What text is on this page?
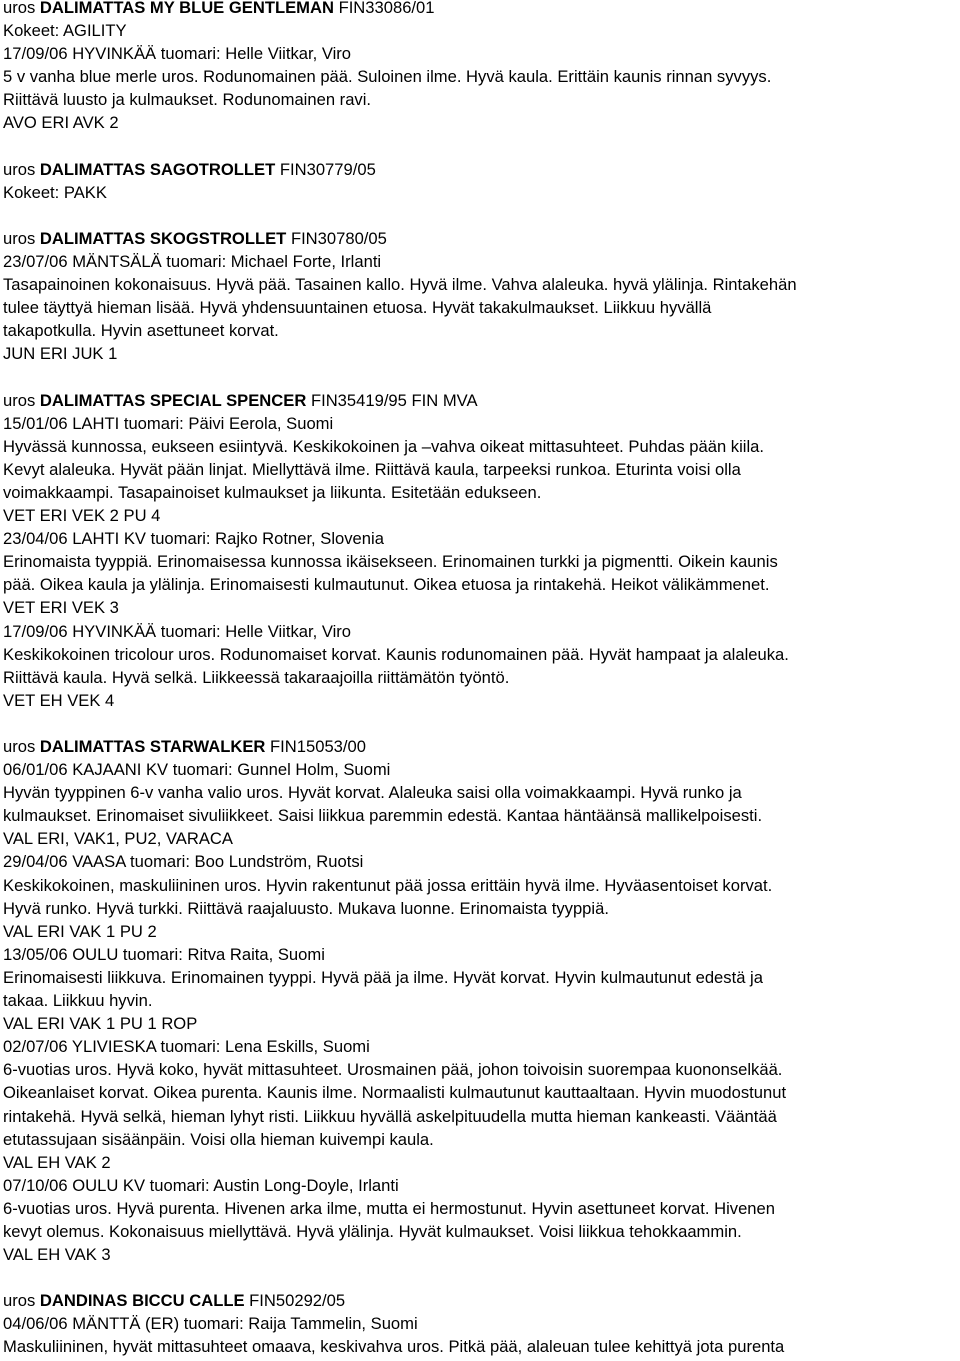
uros DALIMATTAS MY BLUE GENTLEMAN FIN33086/01
Kokeet: AGILITY
17/09/06 HYVINKÄÄ tuomari: Helle Viitkar, Viro
5 v vanha blue merle uros. Rodunomainen pää. Suloinen ilme. Hyvä kaula. Erittäin kaunis rinnan syvyys.
Riittävä luusto ja kulmaukset. Rodunomainen ravi.
AVO ERI AVK 2
uros DALIMATTAS SAGOTROLLET FIN30779/05
Kokeet: PAKK
uros DALIMATTAS SKOGSTROLLET FIN30780/05
23/07/06 MÄNTSÄLÄ tuomari: Michael Forte, Irlanti
Tasapainoinen kokonaisuus. Hyvä pää. Tasainen kallo. Hyvä ilme. Vahva alaleuka. hyvä ylälinja. Rintakehän
tulee täyttyä hieman lisää. Hyvä yhdensuuntainen etuosa. Hyvät takakulmaukset. Liikkuu hyvällä
takapotkulla. Hyvin asettuneet korvat.
JUN ERI JUK 1
uros DALIMATTAS SPECIAL SPENCER FIN35419/95 FIN MVA
15/01/06 LAHTI tuomari: Päivi Eerola, Suomi
Hyvässä kunnossa, eukseen esiintyvä. Keskikokoinen ja –vahva oikeat mittasuhteet. Puhdas pään kiila.
Kevyt alaleuka. Hyvät pään linjat. Miellyttävä ilme. Riittävä kaula, tarpeeksi runkoa. Eturinta voisi olla
voimakkaampi. Tasapainoiset kulmaukset ja liikunta. Esitetään edukseen.
VET ERI VEK 2 PU 4
23/04/06 LAHTI KV tuomari: Rajko Rotner, Slovenia
Erinomaista tyyppiä. Erinomaisessa kunnossa ikäisekseen. Erinomainen turkki ja pigmentti. Oikein kaunis
pää. Oikea kaula ja ylälinja. Erinomaisesti kulmautunut. Oikea etuosa ja rintakehä. Heikot välikämmenet.
VET ERI VEK 3
17/09/06 HYVINKÄÄ tuomari: Helle Viitkar, Viro
Keskikokoinen tricolour uros. Rodunomaiset korvat. Kaunis rodunomainen pää. Hyvät hampaat ja alaleuka.
Riittävä kaula. Hyvä selkä. Liikkeessä takaraajoilla riittämätön työntö.
VET EH VEK 4
uros DALIMATTAS STARWALKER FIN15053/00
06/01/06 KAJAANI KV tuomari: Gunnel Holm, Suomi
Hyvän tyyppinen 6-v vanha valio uros. Hyvät korvat. Alaleuka saisi olla voimakkaampi. Hyvä runko ja
kulmaukset. Erinomaiset sivuliikkeet. Saisi liikkua paremmin edestä. Kantaa häntäänsä mallikelpoisesti.
VAL ERI, VAK1, PU2, VARACA
29/04/06 VAASA tuomari: Boo Lundström, Ruotsi
Keskikokoinen, maskuliininen uros. Hyvin rakentunut pää jossa erittäin hyvä ilme. Hyväasentoiset korvat.
Hyvä runko. Hyvä turkki. Riittävä raajaluusto. Mukava luonne. Erinomaista tyyppiä.
VAL ERI VAK 1 PU 2
13/05/06 OULU tuomari: Ritva Raita, Suomi
Erinomaisesti liikkuva. Erinomainen tyyppi. Hyvä pää ja ilme. Hyvät korvat. Hyvin kulmautunut edestä ja
takaa. Liikkuu hyvin.
VAL ERI VAK 1 PU 1 ROP
02/07/06 YLIVIESKA tuomari: Lena Eskills, Suomi
6-vuotias uros. Hyvä koko, hyvät mittasuhteet. Urosmainen pää, johon toivoisin suorempaa kuononselkää.
Oikeanlaiset korvat. Oikea purenta. Kaunis ilme. Normaalisti kulmautunut kauttaaltaan. Hyvin muodostunut
rintakehä. Hyvä selkä, hieman lyhyt risti. Liikkuu hyvällä askelpituudella mutta hieman kankeasti. Vääntää
etutassujaan sisäänpäin. Voisi olla hieman kuivempi kaula.
VAL EH VAK 2
07/10/06 OULU KV tuomari: Austin Long-Doyle, Irlanti
6-vuotias uros. Hyvä purenta. Hivenen arka ilme, mutta ei hermostunut. Hyvin asettuneet korvat. Hivenen
kevyt olemus. Kokonaisuus miellyttävä. Hyvä ylälinja. Hyvät kulmaukset. Voisi liikkua tehokkaammin.
VAL EH VAK 3
uros DANDINAS BICCU CALLE FIN50292/05
04/06/06 MÄNTTÄ (ER) tuomari: Raija Tammelin, Suomi
Maskuliininen, hyvät mittasuhteet omaava, keskivahva uros. Pitkä pää, alaleuan tulee kehittyä jota purenta
